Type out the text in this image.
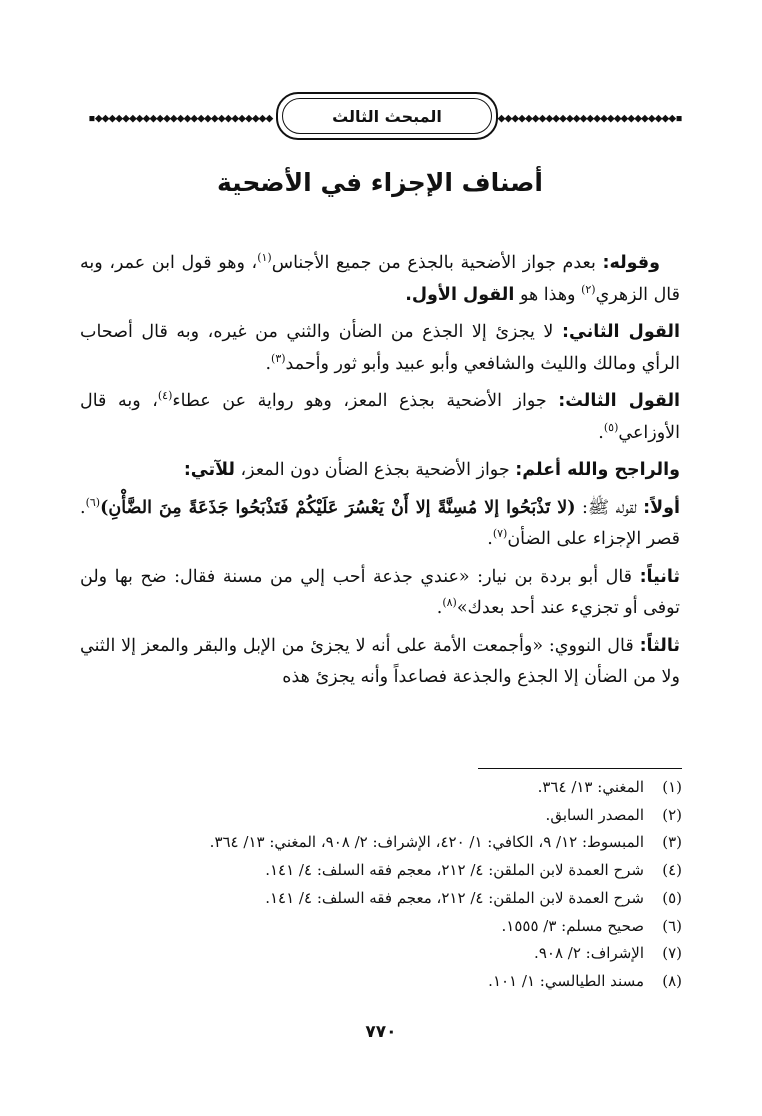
▪◆◆◆◆◆◆◆◆◆◆◆◆◆◆◆◆◆◆◆◆◆◆◆◆◆◆	◆◆◆◆◆◆◆◆◆◆◆◆◆◆◆◆◆◆◆◆◆◆◆◆◆◆▪
المبحث الثالث
أصناف الإجزاء في الأضحية

وقوله: بعدم جواز الأضحية بالجذع من جميع الأجناس$^{(١)}$، وهو قول ابن عمر، وبه قال الزهري$^{(٢)}$ وهذا هو القول الأول.

القول الثاني: لا يجزئ إلا الجذع من الضأن والثني من غيره، وبه قال أصحاب الرأي ومالك والليث والشافعي وأبو عبيد وأبو ثور وأحمد$^{(٣)}$.

القول الثالث: جواز الأضحية بجذع المعز، وهو رواية عن عطاء$^{(٤)}$، وبه قال الأوزاعي$^{(٥)}$.

والراجح والله أعلم: جواز الأضحية بجذع الضأن دون المعز، للآتي:

أولاً: لقوله ﷺ: (لا تَذْبَحُوا إلا مُسِنَّةً إلا أَنْ يَعْسُرَ عَلَيْكُمْ فَتَذْبَحُوا جَذَعَةً مِنَ الضَّأْنِ)$^{(٦)}$. قصر الإجزاء على الضأن$^{(٧)}$.

ثانياً: قال أبو بردة بن نيار: «عندي جذعة أحب إلي من مسنة فقال: ضح بها ولن توفى أو تجزيء عند أحد بعدك»$^{(٨)}$.

ثالثاً: قال النووي: «وأجمعت الأمة على أنه لا يجزئ من الإبل والبقر والمعز إلا الثني ولا من الضأن إلا الجذع والجذعة فصاعداً وأنه يجزئ هذه

(١)المغني: ١٣/ ٣٦٤.
(٢)المصدر السابق.
(٣)المبسوط: ١٢/ ٩، الكافي: ١/ ٤٢٠، الإشراف: ٢/ ٩٠٨، المغني: ١٣/ ٣٦٤.
(٤)شرح العمدة لابن الملقن: ٤/ ٢١٢، معجم فقه السلف: ٤/ ١٤١.
(٥)شرح العمدة لابن الملقن: ٤/ ٢١٢، معجم فقه السلف: ٤/ ١٤١.
(٦)صحيح مسلم: ٣/ ١٥٥٥.
(٧)الإشراف: ٢/ ٩٠٨.
(٨)مسند الطيالسي: ١/ ١٠١.
٧٧٠
